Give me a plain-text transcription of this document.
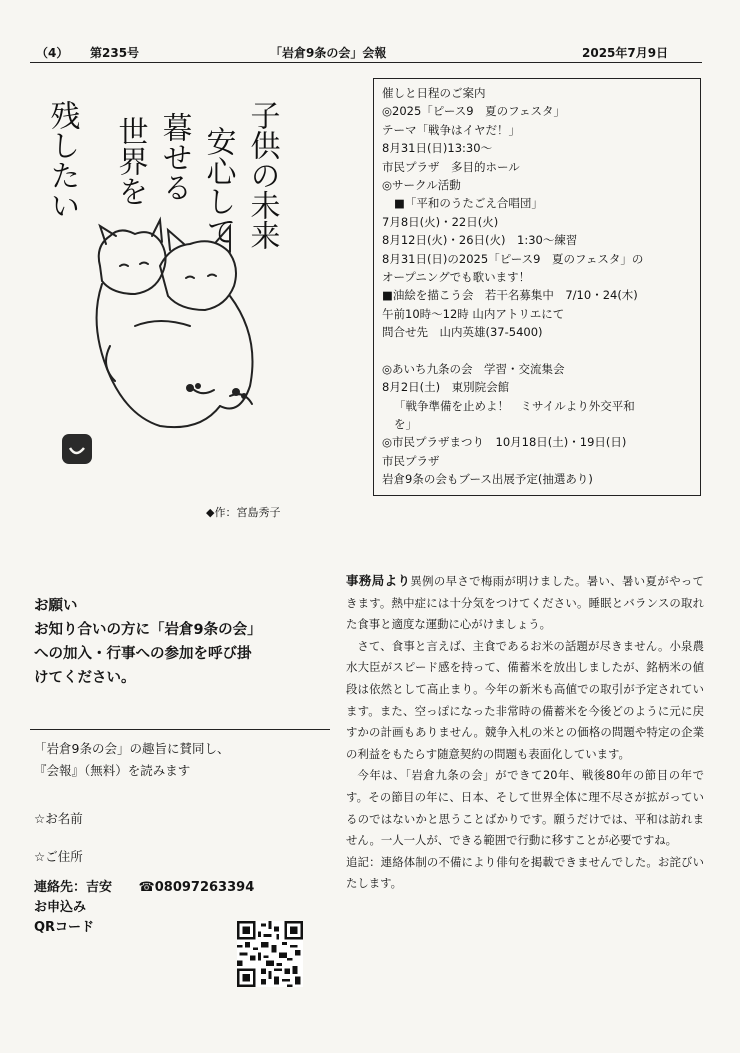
（4） 第235号	「岩倉9条の会」会報	2025年7月9日
子供の未来
安心して
暮せる
世界を
残したい
◆作：宮島秀子
催しと日程のご案内
◎2025「ピース9　夏のフェスタ」
テーマ「戦争はイヤだ！」
8月31日(日)13:30～
市民プラザ　多目的ホール
◎サークル活動
■「平和のうたごえ合唱団」
7月8日(火)・22日(火)
8月12日(火)・26日(火)　1:30～練習
8月31日(日)の2025「ピース9　夏のフェスタ」の
オープニングでも歌います！
■油絵を描こう会　若干名募集中　7/10・24(木)
午前10時～12時 山内アトリエにて
問合せ先　山内英雄(37-5400)
◎あいち九条の会　学習・交流集会
8月2日(土)　東別院会館
「戦争準備を止めよ！　ミサイルより外交平和
を」
◎市民プラザまつり　10月18日(土)・19日(日)
市民プラザ
岩倉9条の会もブース出展予定(抽選あり)
お願い
お知り合いの方に「岩倉9条の会」
への加入・行事への参加を呼び掛
けてください。
「岩倉9条の会」の趣旨に賛同し、
『会報』（無料）を読みます
☆お名前
☆ご住所
連絡先：吉安 ☎08097263394
お申込み
QRコード

事務局より異例の早さで梅雨が明けました。暑い、暑い夏がやってきます。熱中症には十分気をつけてください。睡眠とバランスの取れた食事と適度な運動に心がけましょう。

さて、食事と言えば、主食であるお米の話題が尽きません。小泉農水大臣がスピード感を持って、備蓄米を放出しましたが、銘柄米の値段は依然として高止まり。今年の新米も高値での取引が予定されています。また、空っぽになった非常時の備蓄米を今後どのように元に戻すかの計画もありません。競争入札の米との価格の問題や特定の企業の利益をもたらす随意契約の問題も表面化しています。

今年は、「岩倉九条の会」ができて20年、戦後80年の節目の年です。その節目の年に、日本、そして世界全体に理不尽さが拡がっているのではないかと思うことばかりです。願うだけでは、平和は訪れません。一人一人が、できる範囲で行動に移すことが必要ですね。

追記：連絡体制の不備により俳句を掲載できませんでした。お詫びいたします。
